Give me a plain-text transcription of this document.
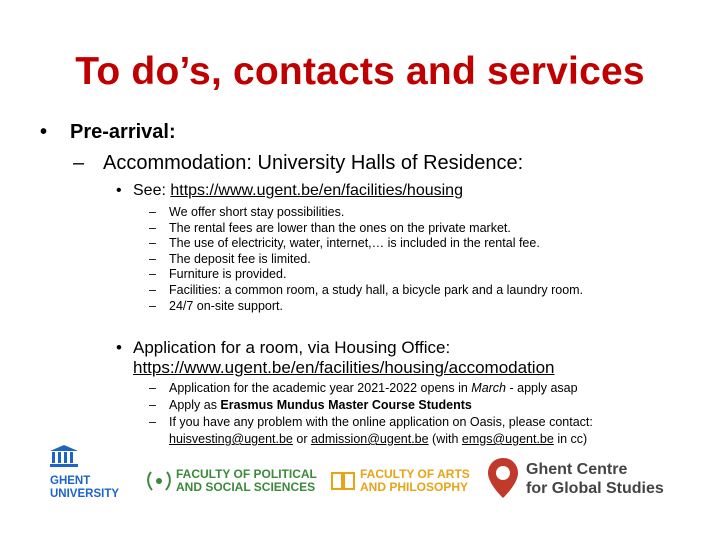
To do’s, contacts and services
• Pre-arrival:
– Accommodation: University Halls of Residence:
• See: https://www.ugent.be/en/facilities/housing
– We offer short stay possibilities.
– The rental fees are lower than the ones on the private market.
– The use of electricity, water, internet,… is included in the rental fee.
– The deposit fee is limited.
– Furniture is provided.
– Facilities: a common room, a study hall, a bicycle park and a laundry room.
– 24/7 on-site support.
• Application for a room, via Housing Office:
https://www.ugent.be/en/facilities/housing/accomodation
– Application for the academic year 2021-2022 opens in March - apply asap
– Apply as Erasmus Mundus Master Course Students
– If you have any problem with the online application on Oasis, please contact:
huisvesting@ugent.be or admission@ugent.be (with emgs@ugent.be in cc)
GHENT
UNIVERSITY
FACULTY OF POLITICAL
AND SOCIAL SCIENCES
FACULTY OF ARTS
AND PHILOSOPHY
Ghent Centre
for Global Studies
